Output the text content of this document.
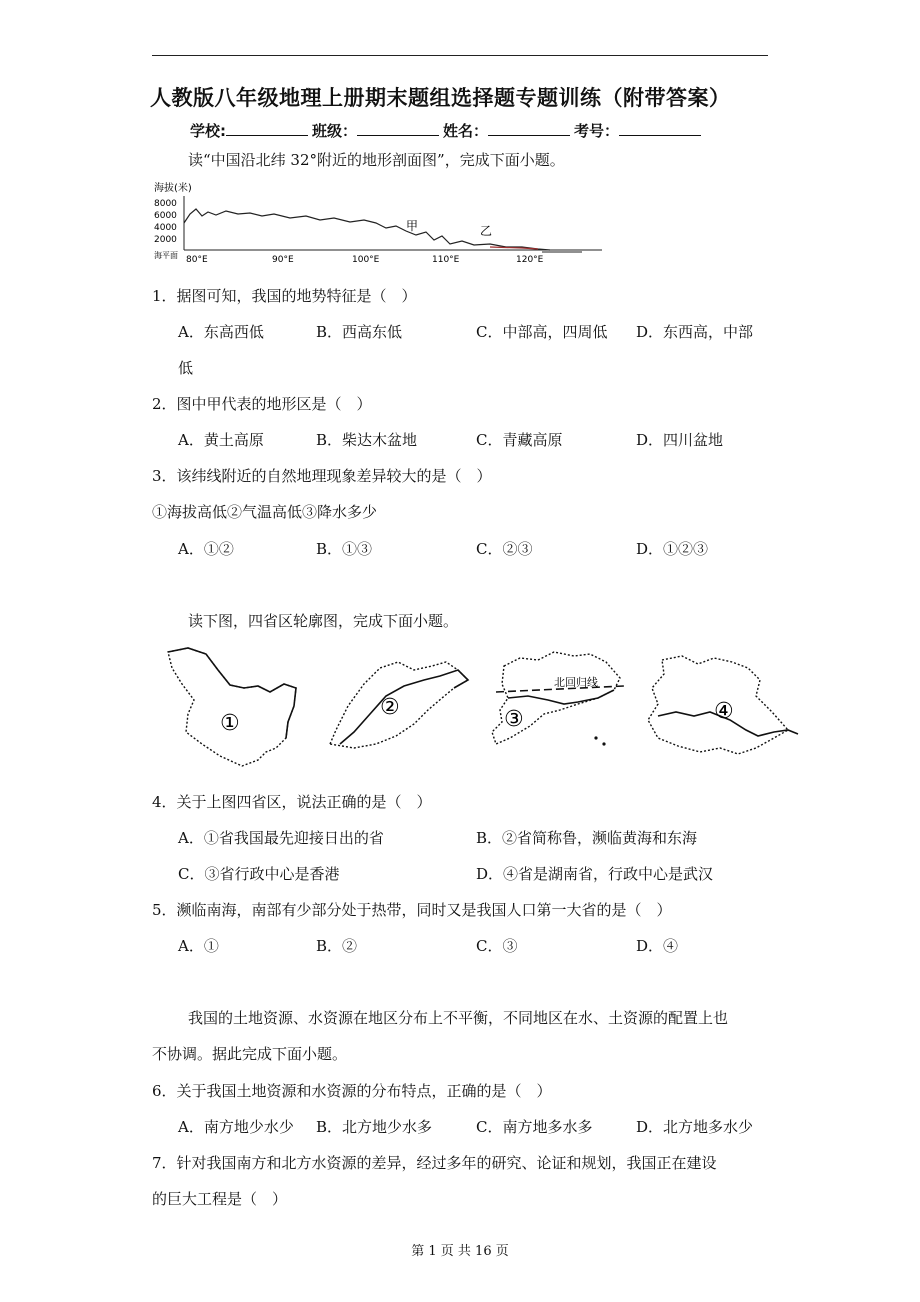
人教版八年级地理上册期末题组选择题专题训练（附带答案）
学校:	班级：	姓名：	考号：
读“中国沿北纬 32°附近的地形剖面图”，完成下面小题。
海拔(米)
8000
6000
4000
2000
海平面
甲	乙
80°E	90°E	100°E	110°E	120°E
1．据图可知，我国的地势特征是（　）
A．东高西低	B．西高东低	C．中部高，四周低 D．东西高，中部
低
2．图中甲代表的地形区是（　）
A．黄土高原	B．柴达木盆地	C．青藏高原	D．四川盆地
3．该纬线附近的自然地理现象差异较大的是（　）
①海拔高低②气温高低③降水多少
A．①②	B．①③	C．②③	D．①②③
读下图，四省区轮廓图，完成下面小题。
①
②
北回归线
③	④
4．关于上图四省区，说法正确的是（　）
A．①省我国最先迎接日出的省	B．②省简称鲁，濒临黄海和东海
C．③省行政中心是香港	D．④省是湖南省，行政中心是武汉
5．濒临南海，南部有少部分处于热带，同时又是我国人口第一大省的是（　）
A．①	B．②	C．③	D．④
我国的土地资源、水资源在地区分布上不平衡，不同地区在水、土资源的配置上也
不协调。据此完成下面小题。
6．关于我国土地资源和水资源的分布特点，正确的是（　）
A．南方地少水少 B．北方地少水多	C．南方地多水多	D．北方地多水少
7．针对我国南方和北方水资源的差异，经过多年的研究、论证和规划，我国正在建设
的巨大工程是（　）
第 1 页 共 16 页
